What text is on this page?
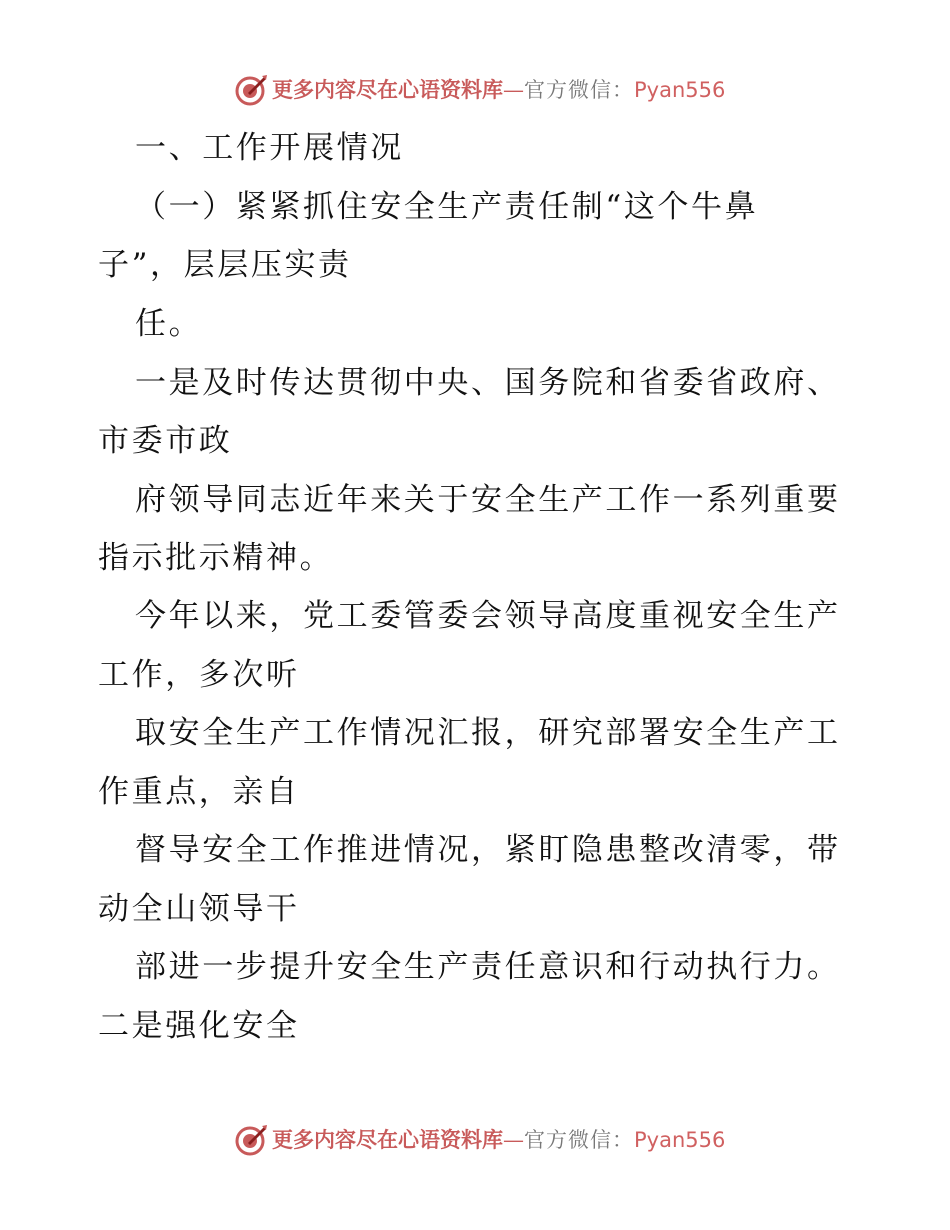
更多内容尽在心语资料库—官方微信：Pyan556
一、工作开展情况
（一）紧紧抓住安全生产责任制“这个牛鼻
子”，层层压实责
任。
一是及时传达贯彻中央、国务院和省委省政府、
市委市政
府领导同志近年来关于安全生产工作一系列重要
指示批示精神。
今年以来，党工委管委会领导高度重视安全生产
工作，多次听
取安全生产工作情况汇报，研究部署安全生产工
作重点，亲自
督导安全工作推进情况，紧盯隐患整改清零，带
动全山领导干
部进一步提升安全生产责任意识和行动执行力。
二是强化安全
更多内容尽在心语资料库—官方微信：Pyan556
